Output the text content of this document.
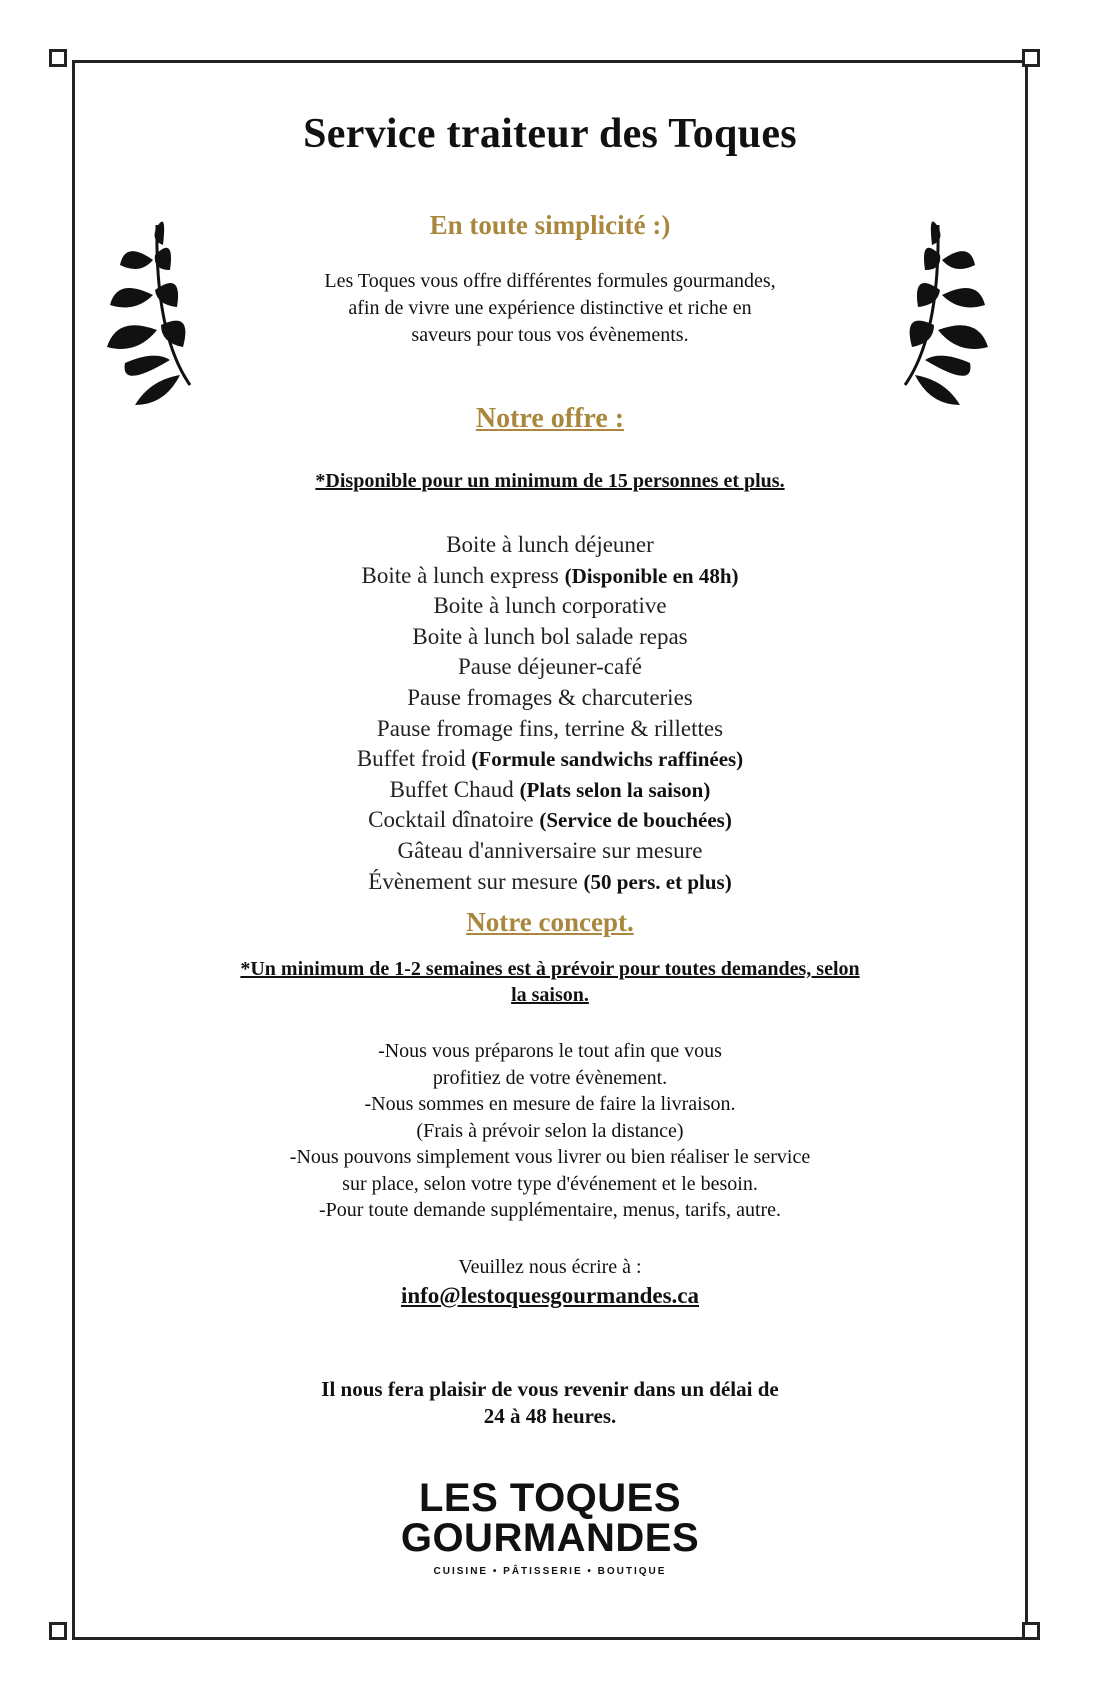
Service traiteur des Toques
En toute simplicité :)
Les Toques vous offre différentes formules gourmandes, afin de vivre une expérience distinctive et riche en saveurs pour tous vos évènements.
Notre offre :
*Disponible pour un minimum de 15 personnes et plus.
Boite à lunch déjeuner
Boite à lunch express (Disponible en 48h)
Boite à lunch corporative
Boite à lunch bol salade repas
Pause déjeuner-café
Pause fromages & charcuteries
Pause fromage fins, terrine & rillettes
Buffet froid (Formule sandwichs raffinées)
Buffet Chaud (Plats selon la saison)
Cocktail dînatoire (Service de bouchées)
Gâteau d'anniversaire sur mesure
Évènement sur mesure (50 pers. et plus)
Notre concept.
*Un minimum de 1-2 semaines est à prévoir pour toutes demandes, selon la saison.
-Nous vous préparons le tout afin que vous
profitiez de votre évènement.
-Nous sommes en mesure de faire la livraison.
(Frais à prévoir selon la distance)
-Nous pouvons simplement vous livrer ou bien réaliser le service
sur place, selon votre type d'événement et le besoin.
-Pour toute demande supplémentaire, menus, tarifs, autre.
Veuillez nous écrire à :
info@lestoquesgourmandes.ca
Il nous fera plaisir de vous revenir dans un délai de 24 à 48 heures.
LES TOQUES
GOURMANDES
CUISINE • PÂTISSERIE • BOUTIQUE
